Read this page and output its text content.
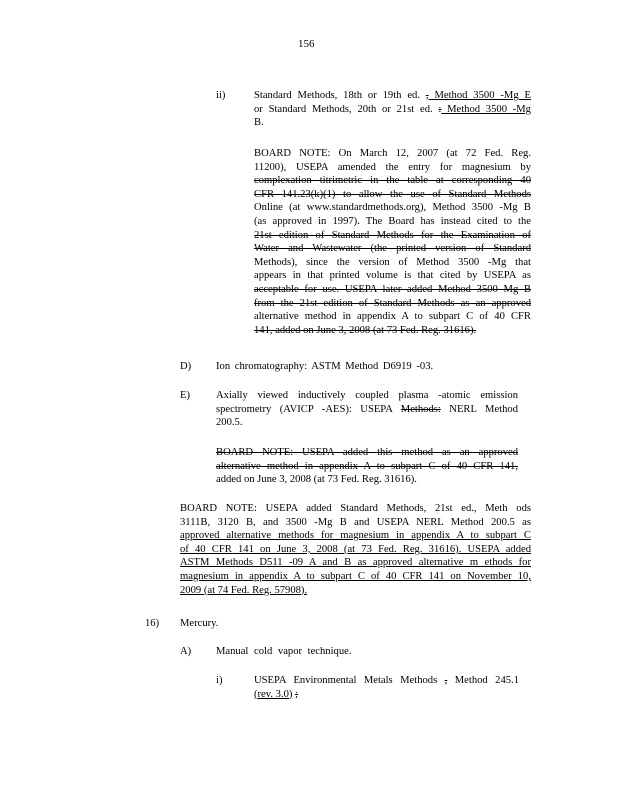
156
ii)	Standard Methods, 18th or 19th ed. , Method 3500 -Mg E
or Standard Methods, 20th or 21st ed. : Method 3500 -Mg
B.
BOARD NOTE: On March 12, 2007 (at 72 Fed. Reg.
11200), USEPA amended the entry for magnesium by
complexation titrimetric in the table at corresponding 40
CFR 141.23(k)(1) to allow the use of Standard Methods
Online (at www.standardmethods.org), Method 3500 -Mg B
(as approved in 1997). The Board has instead cited to the
21st edition of Standard Methods for the Examination of
Water and Wastewater (the printed version of Standard
Methods), since the version of Method 3500 -Mg that
appears in that printed volume is that cited by USEPA as
acceptable for use. USEPA later added Method 3500 Mg B
from the 21st edition of Standard Methods as an approved
alternative method in appendix A to subpart C of 40 CFR
141, added on June 3, 2008 (at 73 Fed. Reg. 31616).
D) Ion chromatography: ASTM Method D6919 -03.
E) Axially viewed inductively coupled plasma -atomic emission
spectrometry (AVICP -AES): USEPA Methods: NERL Method
200.5.
BOARD NOTE: USEPA added this method as an approved
alternative method in appendix A to subpart C of 40 CFR 141,
added on June 3, 2008 (at 73 Fed. Reg. 31616).
BOARD NOTE: USEPA added Standard Methods, 21st ed., Meth ods
3111B, 3120 B, and 3500 -Mg B and USEPA NERL Method 200.5 as
approved alternative methods for magnesium in appendix A to subpart C
of 40 CFR 141 on June 3, 2008 (at 73 Fed. Reg. 31616). USEPA added
ASTM Methods D511 -09 A and B as approved alternative m ethods for
magnesium in appendix A to subpart C of 40 CFR 141 on November 10,
2009 (at 74 Fed. Reg. 57908).
16) Mercury.
A) Manual cold vapor technique.
i)	USEPA Environmental Metals Methods , Method 245.1
(rev. 3.0) ;
